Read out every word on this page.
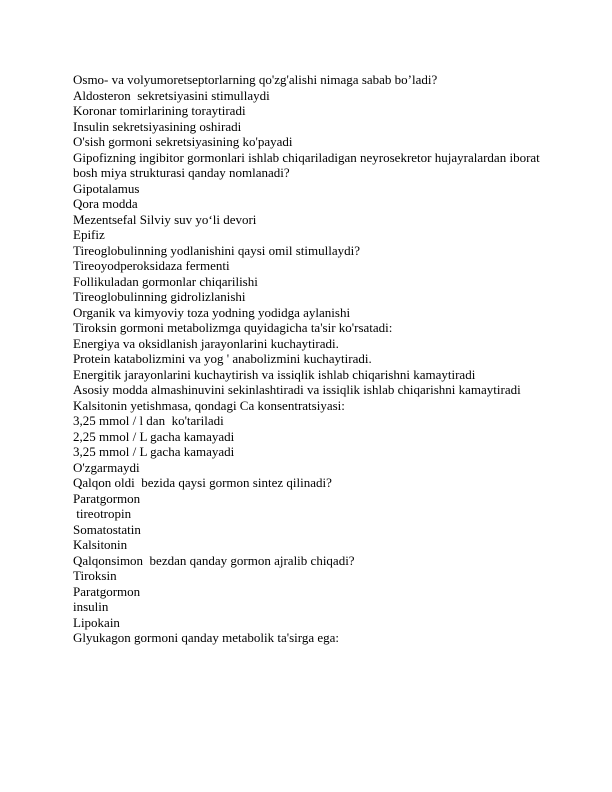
Osmo- va volyumoretseptorlarning qo'zg'alishi nimaga sabab bo’ladi?

Aldosteron  sekretsiyasini stimullaydi

Koronar tomirlarining toraytiradi

Insulin sekretsiyasining oshiradi

O'sish gormoni sekretsiyasining ko'payadi

Gipofizning ingibitor gormonlari ishlab chiqariladigan neyrosekretor hujayralardan iborat bosh miya strukturasi qanday nomlanadi?

Gipotalamus

Qora modda

Mezentsefal Silviy suv yo‘li devori

Epifiz

Tireoglobulinning yodlanishini qaysi omil stimullaydi?

Tireoyodperoksidaza fermenti

Follikuladan gormonlar chiqarilishi

Tireoglobulinning gidrolizlanishi

Organik va kimyoviy toza yodning yodidga aylanishi

Tiroksin gormoni metabolizmga quyidagicha ta'sir ko'rsatadi:

Energiya va oksidlanish jarayonlarini kuchaytiradi.

Protein katabolizmini va yog ' anabolizmini kuchaytiradi.

Energitik jarayonlarini kuchaytirish va issiqlik ishlab chiqarishni kamaytiradi

Asosiy modda almashinuvini sekinlashtiradi va issiqlik ishlab chiqarishni kamaytiradi

Kalsitonin yetishmasa, qondagi Ca konsentratsiyasi:

3,25 mmol / l dan  ko'tariladi

2,25 mmol / L gacha kamayadi

3,25 mmol / L gacha kamayadi

O'zgarmaydi

Qalqon oldi  bezida qaysi gormon sintez qilinadi?

Paratgormon

tireotropin

Somatostatin

Kalsitonin

Qalqonsimon  bezdan qanday gormon ajralib chiqadi?

Tiroksin

Paratgormon

insulin

Lipokain

Glyukagon gormoni qanday metabolik ta'sirga ega:
